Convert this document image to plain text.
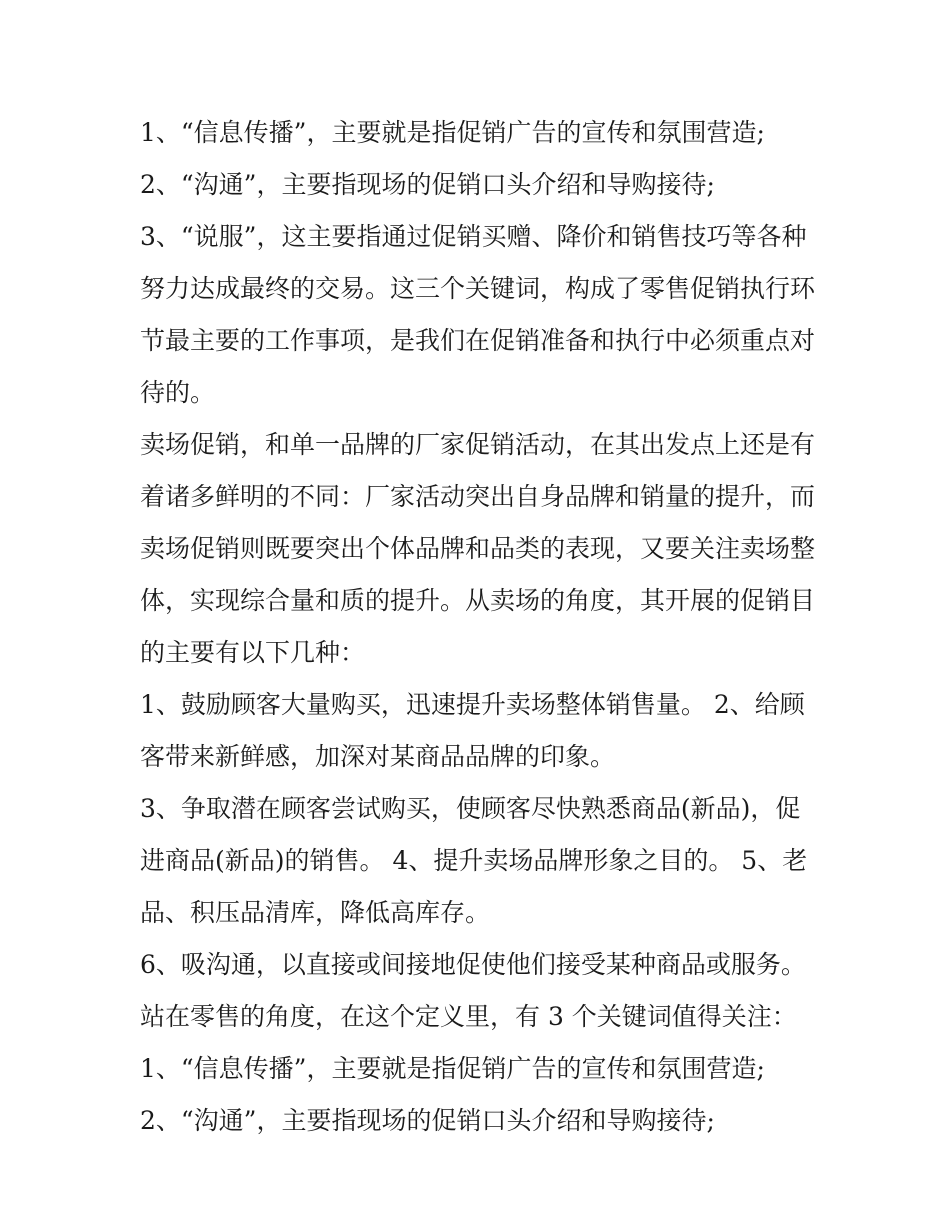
1、“信息传播”，主要就是指促销广告的宣传和氛围营造;
2、“沟通”，主要指现场的促销口头介绍和导购接待;
3、“说服”，这主要指通过促销买赠、降价和销售技巧等各种
努力达成最终的交易。这三个关键词，构成了零售促销执行环
节最主要的工作事项，是我们在促销准备和执行中必须重点对
待的。
卖场促销，和单一品牌的厂家促销活动，在其出发点上还是有
着诸多鲜明的不同：厂家活动突出自身品牌和销量的提升，而
卖场促销则既要突出个体品牌和品类的表现，又要关注卖场整
体，实现综合量和质的提升。从卖场的角度，其开展的促销目
的主要有以下几种：
1、鼓励顾客大量购买，迅速提升卖场整体销售量。 2、给顾
客带来新鲜感，加深对某商品品牌的印象。
3、争取潜在顾客尝试购买，使顾客尽快熟悉商品(新品)，促
进商品(新品)的销售。 4、提升卖场品牌形象之目的。 5、老
品、积压品清库，降低高库存。
6、吸沟通，以直接或间接地促使他们接受某种商品或服务。
站在零售的角度，在这个定义里，有 3 个关键词值得关注：
1、“信息传播”，主要就是指促销广告的宣传和氛围营造;
2、“沟通”，主要指现场的促销口头介绍和导购接待;
